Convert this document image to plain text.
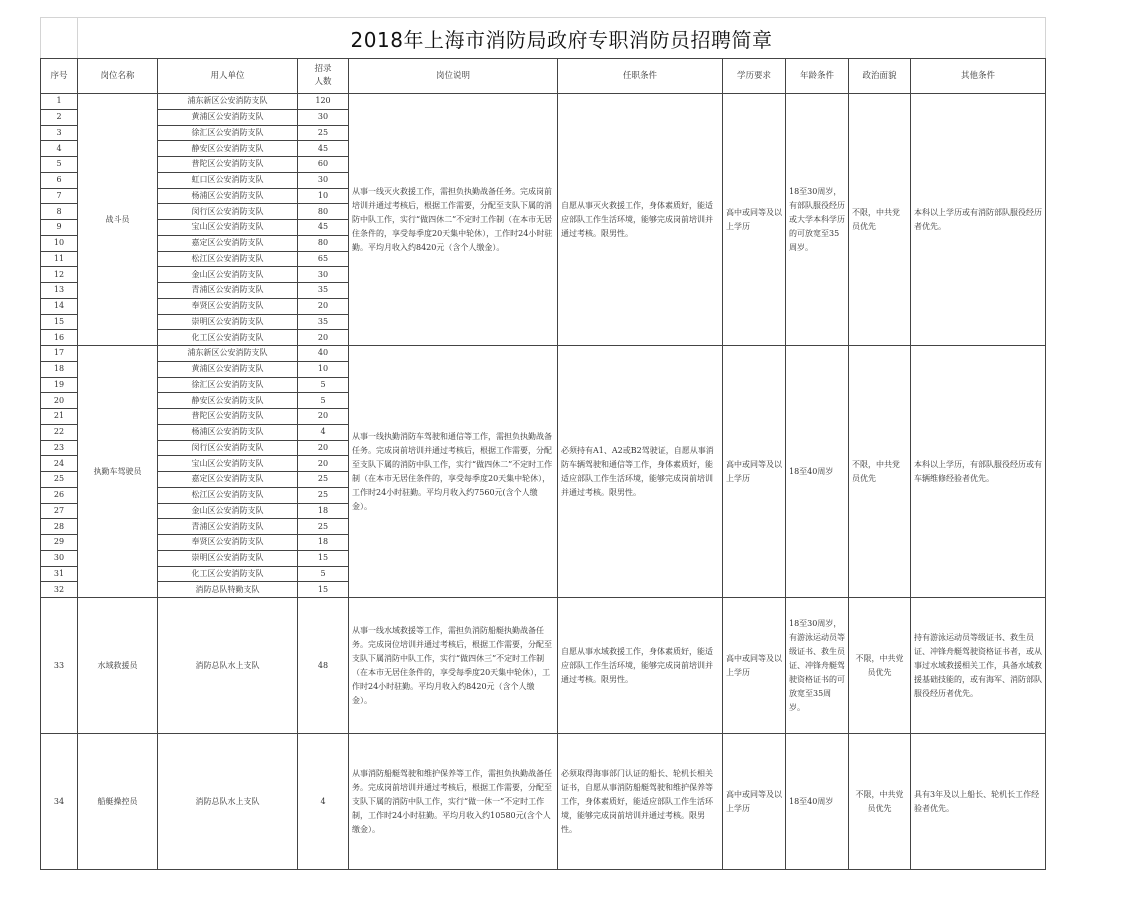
	2018年上海市消防局政府专职消防员招聘简章								
序号	岗位名称	用人单位	招录人数	岗位说明	任职条件	学历要求	年龄条件	政治面貌	其他条件
1	战斗员	浦东新区公安消防支队	120	从事一线灭火救援工作，需担负执勤战备任务。完成岗前培训并通过考核后，根据工作需要，分配至支队下属的消防中队工作，实行“做四休二”不定时工作制（在本市无居住条件的，享受每季度20天集中轮休），工作时24小时驻勤。平均月收入约8420元（含个人缴金）。	自愿从事灭火救援工作，身体素质好，能适应部队工作生活环境，能够完成岗前培训并通过考核。限男性。	高中或同等及以上学历	18至30周岁，有部队服役经历或大学本科学历的可放宽至35周岁。	不限，中共党员优先	本科以上学历或有消防部队服役经历者优先。
2		黄浦区公安消防支队	30						
3		徐汇区公安消防支队	25						
4		静安区公安消防支队	45						
5		普陀区公安消防支队	60						
6		虹口区公安消防支队	30						
7		杨浦区公安消防支队	10						
8		闵行区公安消防支队	80						
9		宝山区公安消防支队	45						
10		嘉定区公安消防支队	80						
11		松江区公安消防支队	65						
12		金山区公安消防支队	30						
13		青浦区公安消防支队	35						
14		奉贤区公安消防支队	20						
15		崇明区公安消防支队	35						
16		化工区公安消防支队	20						
17	执勤车驾驶员	浦东新区公安消防支队	40	从事一线执勤消防车驾驶和通信等工作，需担负执勤战备任务。完成岗前培训并通过考核后，根据工作需要，分配至支队下属的消防中队工作，实行“做四休二”不定时工作制（在本市无居住条件的，享受每季度20天集中轮休），工作时24小时驻勤。平均月收入约7560元(含个人缴金）。	必须持有A1、A2或B2驾驶证，自愿从事消防车辆驾驶和通信等工作，身体素质好，能适应部队工作生活环境，能够完成岗前培训并通过考核。限男性。	高中或同等及以上学历	18至40周岁	不限，中共党员优先	本科以上学历，有部队服役经历或有车辆维修经验者优先。
18		黄浦区公安消防支队	10						
19		徐汇区公安消防支队	5						
20		静安区公安消防支队	5						
21		普陀区公安消防支队	20						
22		杨浦区公安消防支队	4						
23		闵行区公安消防支队	20						
24		宝山区公安消防支队	20						
25		嘉定区公安消防支队	25						
26		松江区公安消防支队	25						
27		金山区公安消防支队	18						
28		青浦区公安消防支队	25						
29		奉贤区公安消防支队	18						
30		崇明区公安消防支队	15						
31		化工区公安消防支队	5						
32		消防总队特勤支队	15						
33	水域救援员	消防总队水上支队	48	从事一线水域救援等工作，需担负消防船艇执勤战备任务。完成岗位培训并通过考核后，根据工作需要，分配至支队下属消防中队工作，实行“做四休三”不定时工作制（在本市无居住条件的，享受每季度20天集中轮休），工作时24小时驻勤。平均月收入约8420元（含个人缴金）。	自愿从事水域救援工作，身体素质好，能适应部队工作生活环境，能够完成岗前培训并通过考核。限男性。	高中或同等及以上学历	18至30周岁，有游泳运动员等级证书、救生员证、冲锋舟艇驾驶资格证书的可放宽至35周岁。	不限，中共党员优先	持有游泳运动员等级证书、救生员证、冲锋舟艇驾驶资格证书者，或从事过水域救援相关工作，具备水域救援基础技能的，或有海军、消防部队服役经历者优先。
34	船艇操控员	消防总队水上支队	4	从事消防船艇驾驶和维护保养等工作，需担负执勤战备任务。完成岗前培训并通过考核后，根据工作需要，分配至支队下属的消防中队工作，实行“做一休一”不定时工作制，工作时24小时驻勤。平均月收入约10580元(含个人缴金）。	必须取得海事部门认证的船长、轮机长相关证书，自愿从事消防船艇驾驶和维护保养等工作，身体素质好，能适应部队工作生活环境，能够完成岗前培训并通过考核。限男性。	高中或同等及以上学历	18至40周岁	不限，中共党员优先	具有3年及以上船长、轮机长工作经验者优先。
